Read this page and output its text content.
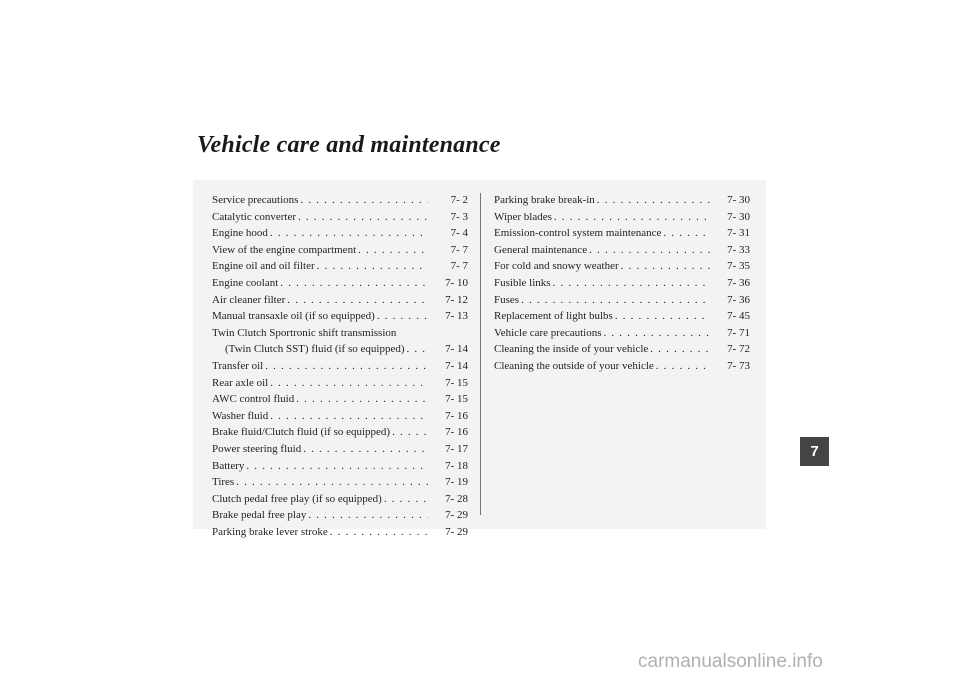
Vehicle care and maintenance
Service precautions . . .	7- 2
Catalytic converter . . .	7- 3
Engine hood . . .	7- 4
View of the engine compartment . . .	7- 7
Engine oil and oil filter . . .	7- 7
Engine coolant . . .	7- 10
Air cleaner filter . . .	7- 12
Manual transaxle oil (if so equipped) . . .	7- 13
Twin Clutch Sportronic shift transmission
(Twin Clutch SST) fluid (if so equipped) . . .	7- 14
Transfer oil . . .	7- 14
Rear axle oil . . .	7- 15
AWC control fluid . . .	7- 15
Washer fluid . . .	7- 16
Brake fluid/Clutch fluid (if so equipped) . . .	7- 16
Power steering fluid . . .	7- 17
Battery . . .	7- 18
Tires . . .	7- 19
Clutch pedal free play (if so equipped) . . .	7- 28
Brake pedal free play . . .	7- 29
Parking brake lever stroke . . .	7- 29
Parking brake break-in . . .	7- 30
Wiper blades . . .	7- 30
Emission-control system maintenance . . .	7- 31
General maintenance . . .	7- 33
For cold and snowy weather . . .	7- 35
Fusible links . . .	7- 36
Fuses . . .	7- 36
Replacement of light bulbs . . .	7- 45
Vehicle care precautions . . .	7- 71
Cleaning the inside of your vehicle . . .	7- 72
Cleaning the outside of your vehicle . . .	7- 73
7
carmanualsonline.info
